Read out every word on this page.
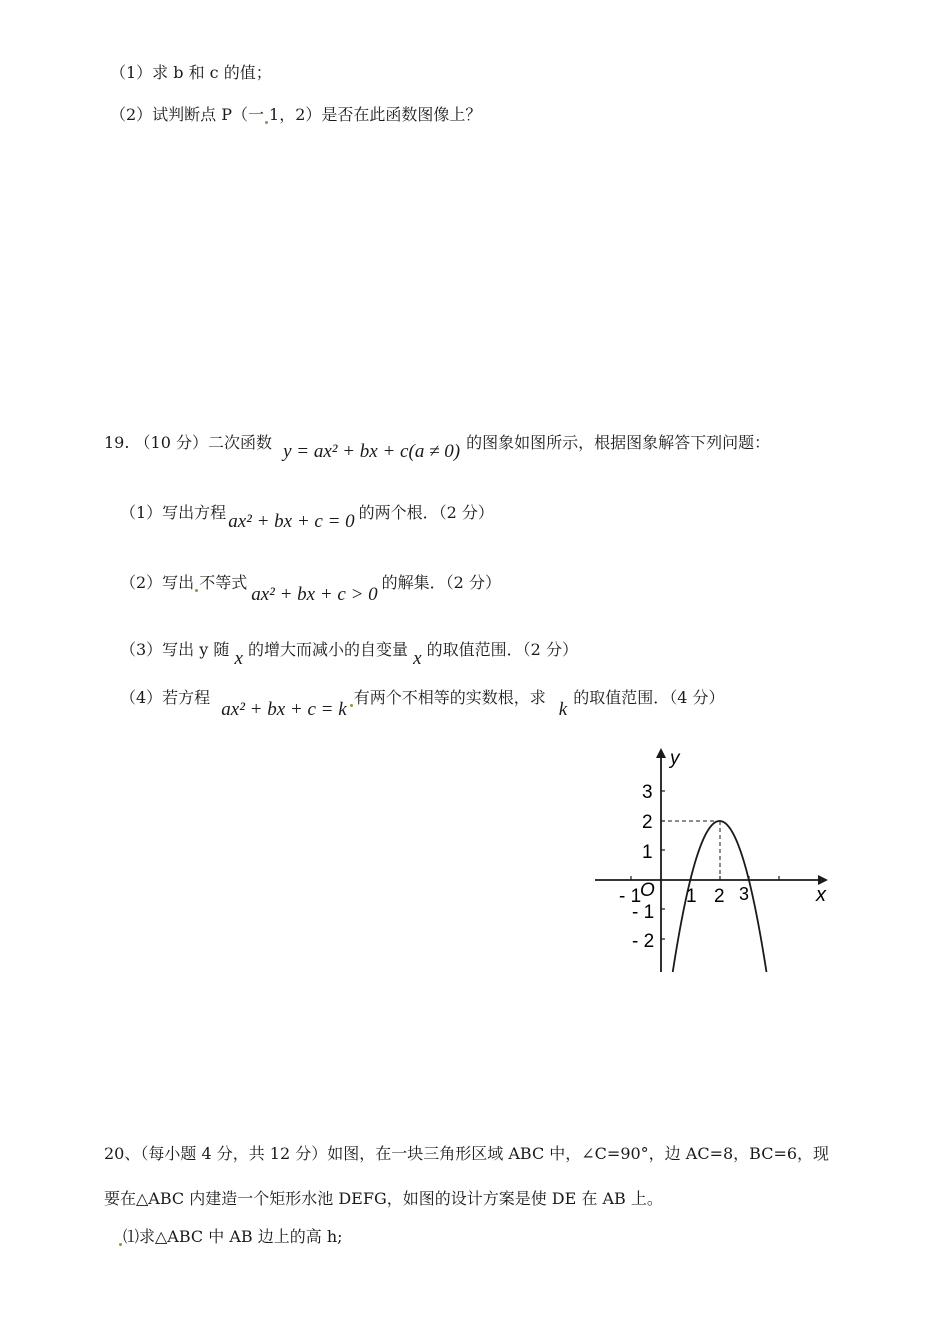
（1）求 b 和 c 的值；
（2）试判断点 P（一 1，2）是否在此函数图像上？
19. （10 分）二次函数 y = ax² + bx + c(a ≠ 0) 的图象如图所示，根据图象解答下列问题：
（1）写出方程 ax² + bx + c = 0 的两个根．（2 分）
（2）写出 不等式ax² + bx + c > 0的解集．（2 分）
（3）写出 y 随 x 的增大而减小的自变量 x 的取值范围．（2 分）
（4）若方程 ax² + bx + c = k有两个不相等的实数根，求 k的取值范围．（4 分）
y
x
O
- 1 1 2 3
3
2
1
- 1
- 2
20、（每小题 4 分，共 12 分）如图，在一块三角形区域 ABC 中，∠C=90°，边 AC=8，BC=6，现
要在△ABC 内建造一个矩形水池 DEFG，如图的设计方案是使 DE 在 AB 上。
⑴求△ABC 中 AB 边上的高 h;
